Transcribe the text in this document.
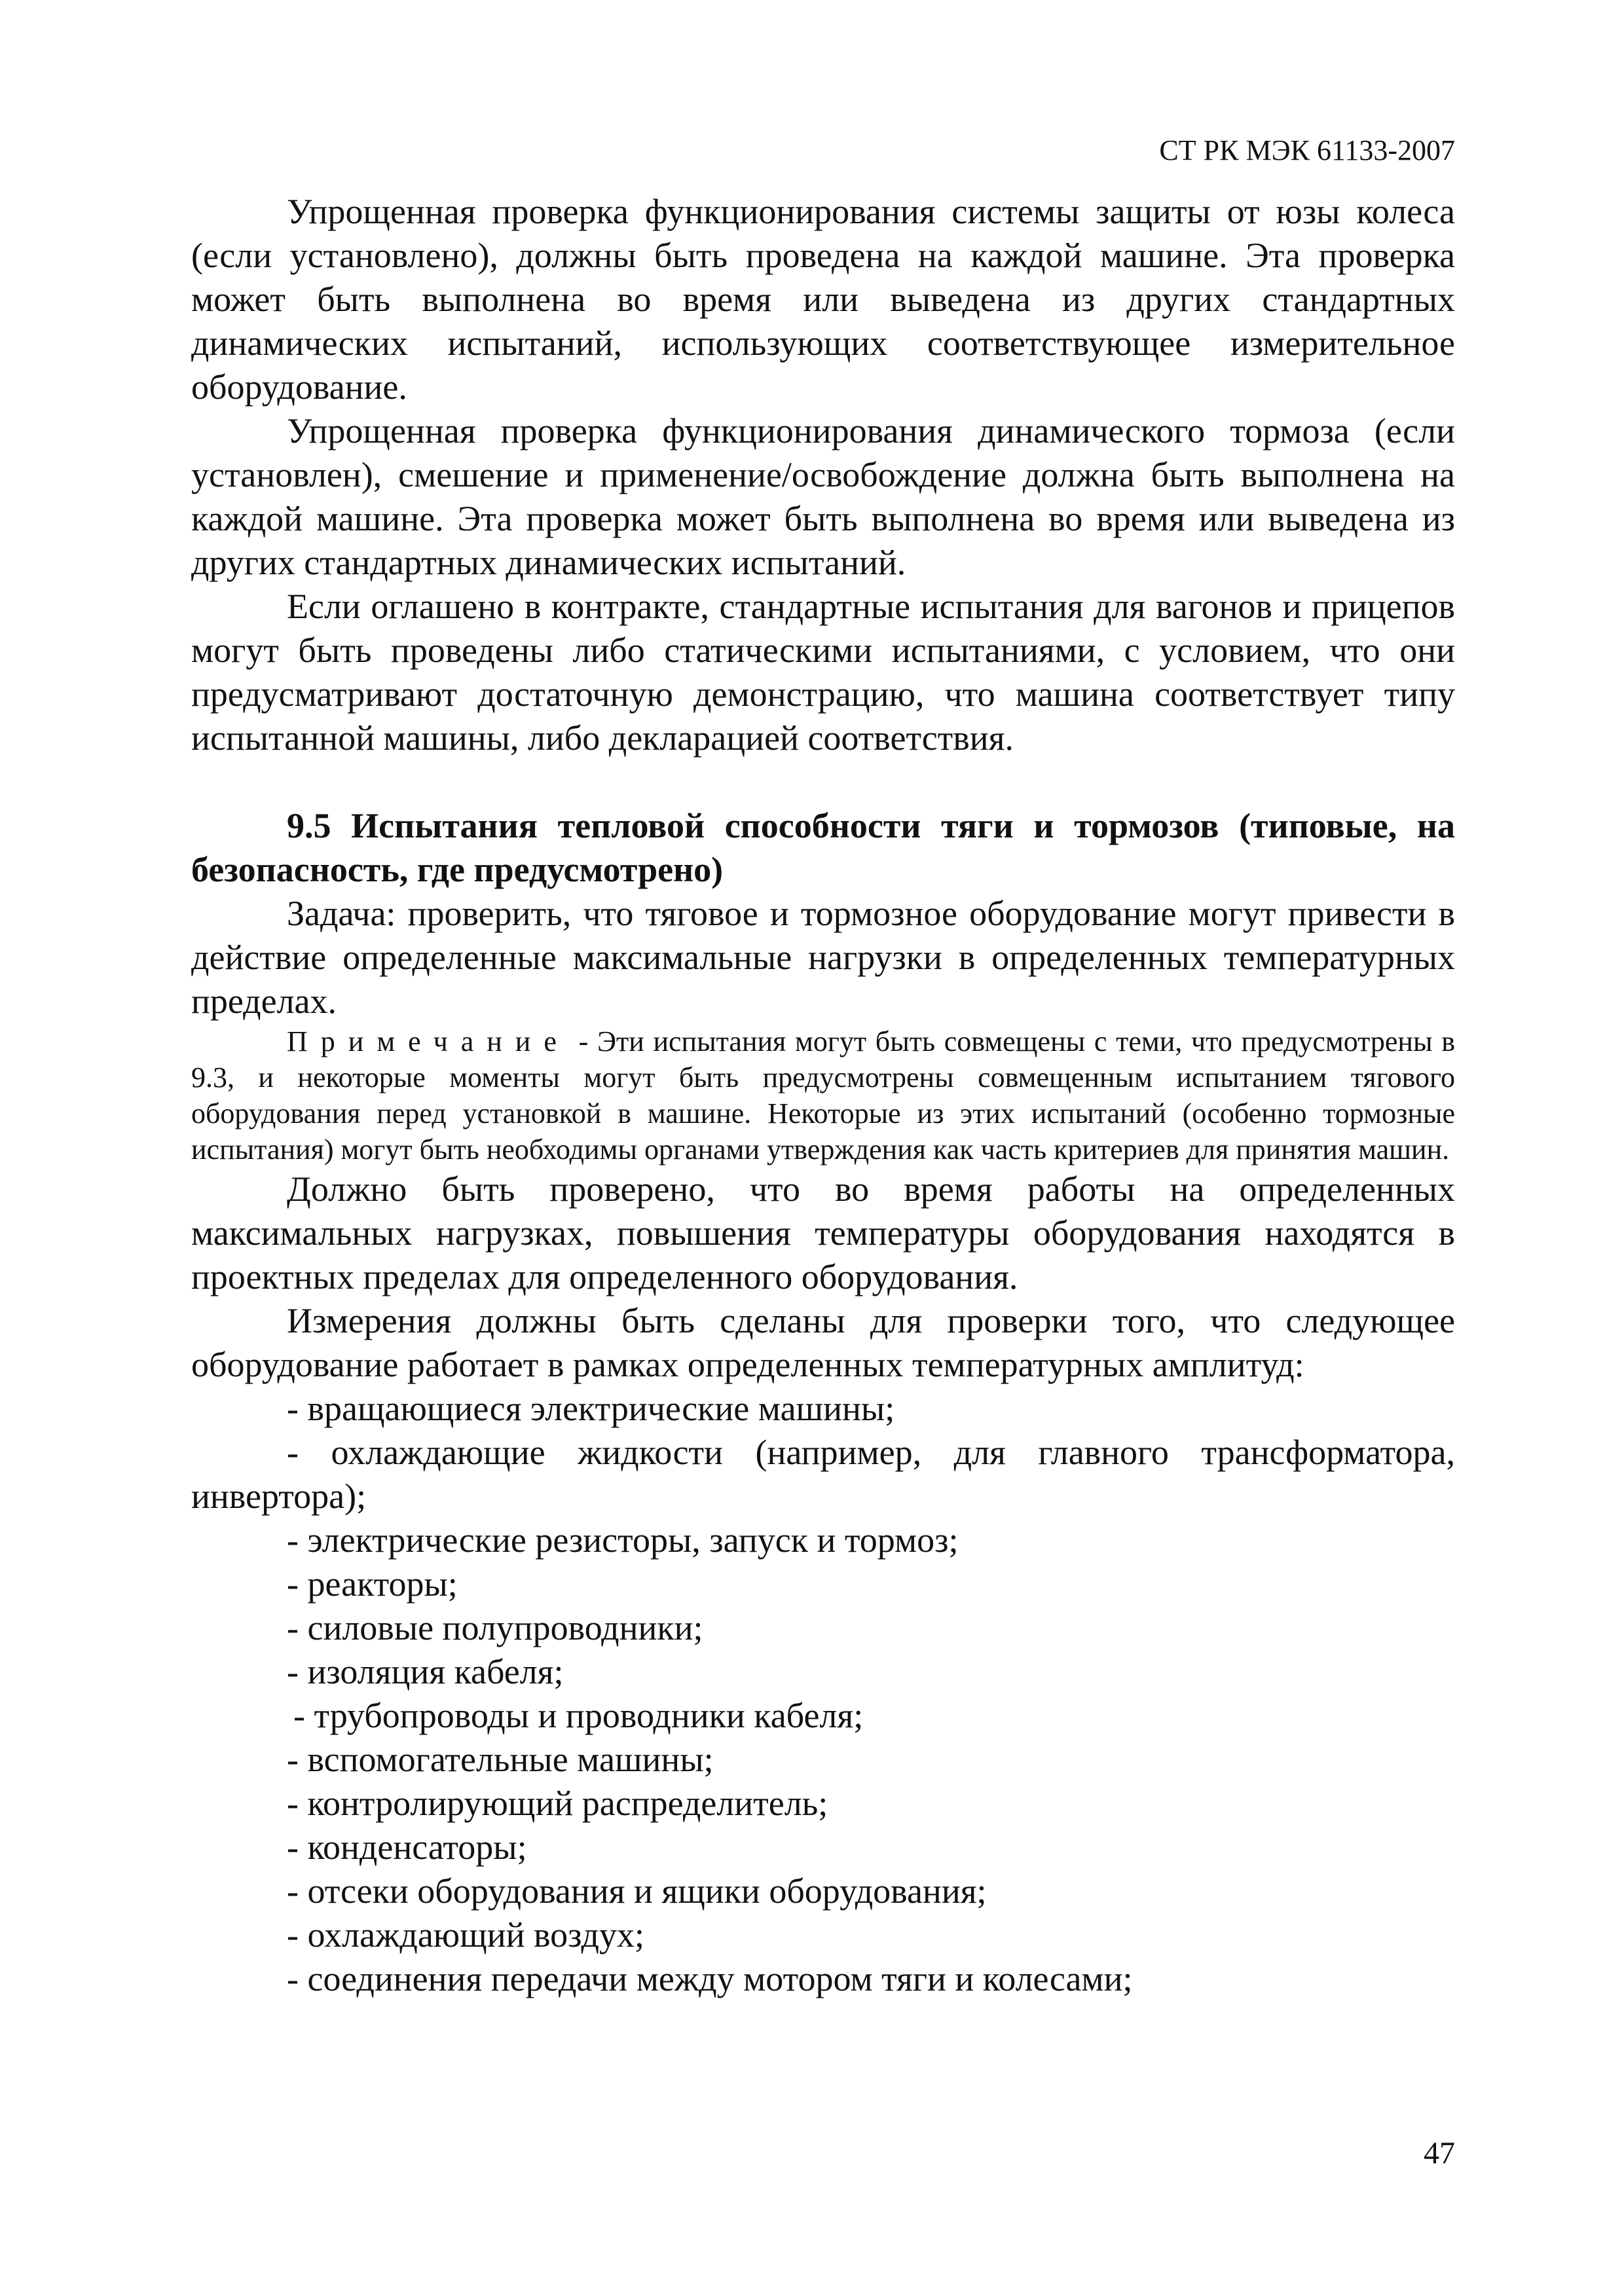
СТ РК МЭК 61133-2007

Упрощенная проверка функционирования системы защиты от юзы колеса (если установлено), должны быть проведена на каждой машине. Эта проверка может быть выполнена во время или выведена из других стандартных динамических испытаний, использующих соответствующее измерительное оборудование.

Упрощенная проверка функционирования динамического тормоза (если установлен), смешение и применение/освобождение должна быть выполнена на каждой машине. Эта проверка может быть выполнена во время или выведена из других стандартных динамических испытаний.

Если оглашено в контракте, стандартные испытания для вагонов и прицепов могут быть проведены либо статическими испытаниями, с условием, что они предусматривают достаточную демонстрацию, что машина соответствует типу испытанной машины, либо декларацией соответствия.

9.5 Испытания тепловой способности тяги и тормозов (типовые, на безопасность, где предусмотрено)

Задача: проверить, что тяговое и тормозное оборудование могут привести в действие определенные максимальные нагрузки в определенных температурных пределах.

Примечание - Эти испытания могут быть совмещены с теми, что предусмотрены в 9.3, и некоторые моменты могут быть предусмотрены совмещенным испытанием тягового оборудования перед установкой в машине. Некоторые из этих испытаний (особенно тормозные испытания) могут быть необходимы органами утверждения как часть критериев для принятия машин.

Должно быть проверено, что во время работы на определенных максимальных нагрузках, повышения температуры оборудования находятся в проектных пределах для определенного оборудования.

Измерения должны быть сделаны для проверки того, что следующее оборудование работает в рамках определенных температурных амплитуд:

- вращающиеся электрические машины;
- охлаждающие жидкости (например, для главного трансформатора, инвертора);
- электрические резисторы, запуск и тормоз;
- реакторы;
- силовые полупроводники;
- изоляция кабеля;
- трубопроводы и проводники кабеля;
- вспомогательные машины;
- контролирующий распределитель;
- конденсаторы;
- отсеки оборудования и ящики оборудования;
- охлаждающий воздух;
- соединения передачи между мотором тяги и колесами;
47
